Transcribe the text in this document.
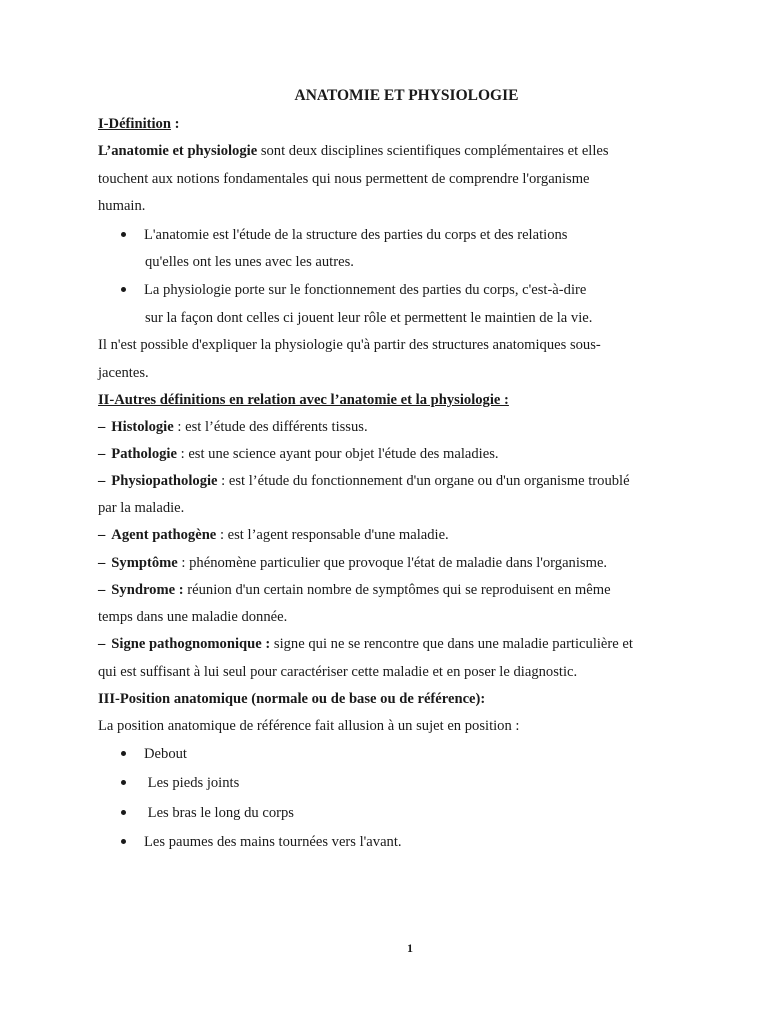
ANATOMIE ET PHYSIOLOGIE
I-Définition :
L’anatomie et physiologie sont deux disciplines scientifiques complémentaires et elles
touchent aux notions fondamentales qui nous permettent de comprendre l'organisme
humain.
L'anatomie est l'étude de la structure des parties du corps et des relations
qu'elles ont les unes avec les autres.
La physiologie porte sur le fonctionnement des parties du corps, c'est-à-dire
sur la façon dont celles ci jouent leur rôle et permettent le maintien de la vie.
Il n'est possible d'expliquer la physiologie qu'à partir des structures anatomiques sous-
jacentes.
II-Autres définitions en relation avec l’anatomie et la physiologie :
– Histologie : est l’étude des différents tissus.
– Pathologie : est une science ayant pour objet l'étude des maladies.
– Physiopathologie : est l’étude du fonctionnement d'un organe ou d'un organisme troublé
par la maladie.
– Agent pathogène : est l’agent responsable d'une maladie.
– Symptôme : phénomène particulier que provoque l'état de maladie dans l'organisme.
– Syndrome : réunion d'un certain nombre de symptômes qui se reproduisent en même
temps dans une maladie donnée.
– Signe pathognomonique : signe qui ne se rencontre que dans une maladie particulière et
qui est suffisant à lui seul pour caractériser cette maladie et en poser le diagnostic.
III-Position anatomique (normale ou de base ou de référence):
La position anatomique de référence fait allusion à un sujet en position :
Debout
Les pieds joints
Les bras le long du corps
Les paumes des mains tournées vers l'avant.
1
